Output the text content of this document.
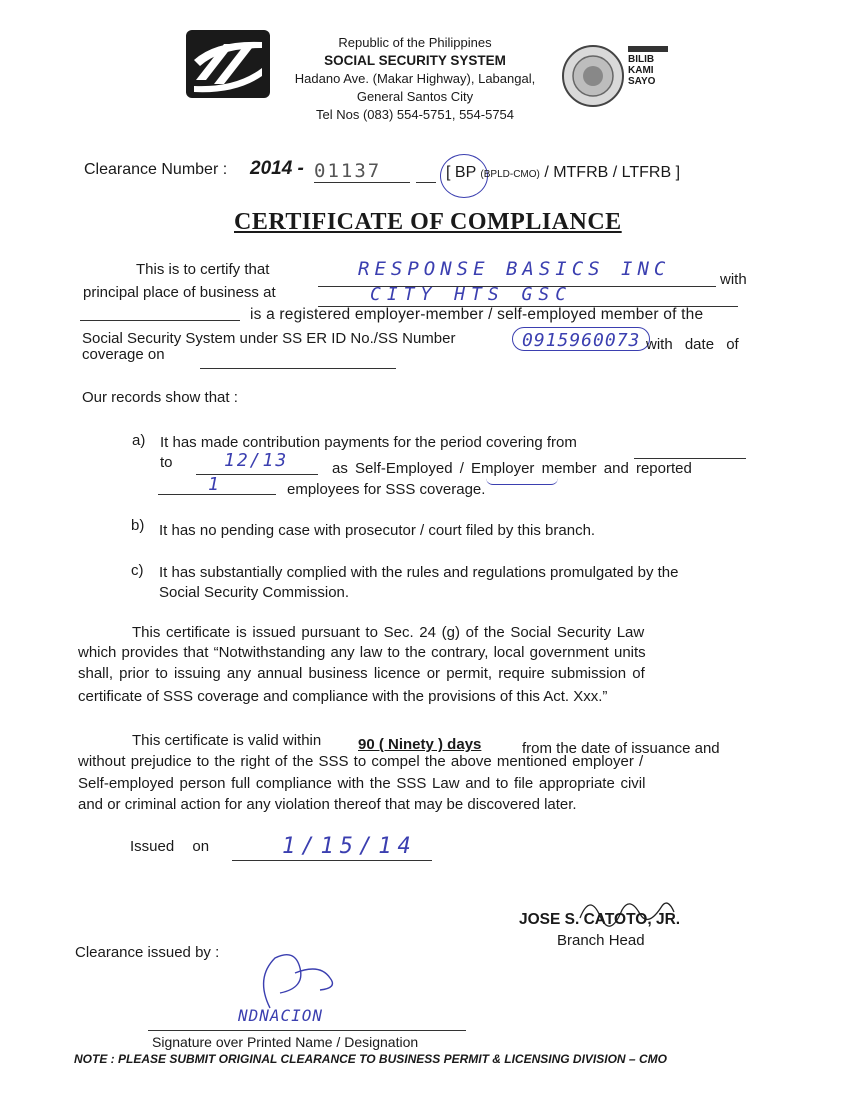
Republic of the Philippines
SOCIAL SECURITY SYSTEM
Hadano Ave. (Makar Highway), Labangal,
General Santos City
Tel Nos (083) 554-5751, 554-5754
BILIB
KAMI
SAYO
Clearance Number : 2014 - 01137	[ BP (BPLD-CMO) / MTFRB / LTFRB ]
CERTIFICATE OF COMPLIANCE
This is to certify that	RESPONSE BASICS INC	with
principal place of business at	CITY HTS GSC
is a registered employer-member / self-employed member of the
Social Security System under SS ER ID No./SS Number	0915960073 with date of
coverage on
Our records show that :
a) It has made contribution payments for the period covering from
to	12/13	as Self-Employed / Employer member and reported
1	employees for SSS coverage.
b) It has no pending case with prosecutor / court filed by this branch.
c) It has substantially complied with the rules and regulations promulgated by the
Social Security Commission.
This certificate is issued pursuant to Sec. 24 (g) of the Social Security Law
which provides that “Notwithstanding any law to the contrary, local government units
shall, prior to issuing any annual business licence or permit, require submission of
certificate of SSS coverage and compliance with the provisions of this Act. Xxx.”
This certificate is valid within 90 ( Ninety ) days	from the date of issuance and
without prejudice to the right of the SSS to compel the above mentioned employer /
Self-employed person full compliance with the SSS Law and to file appropriate civil
and or criminal action for any violation thereof that may be discovered later.
Issued on	1/15/14
JOSE S. CATOTO, JR.
Branch Head
Clearance issued by :
NDNACION
Signature over Printed Name / Designation
NOTE : PLEASE SUBMIT ORIGINAL CLEARANCE TO BUSINESS PERMIT & LICENSING DIVISION – CMO
